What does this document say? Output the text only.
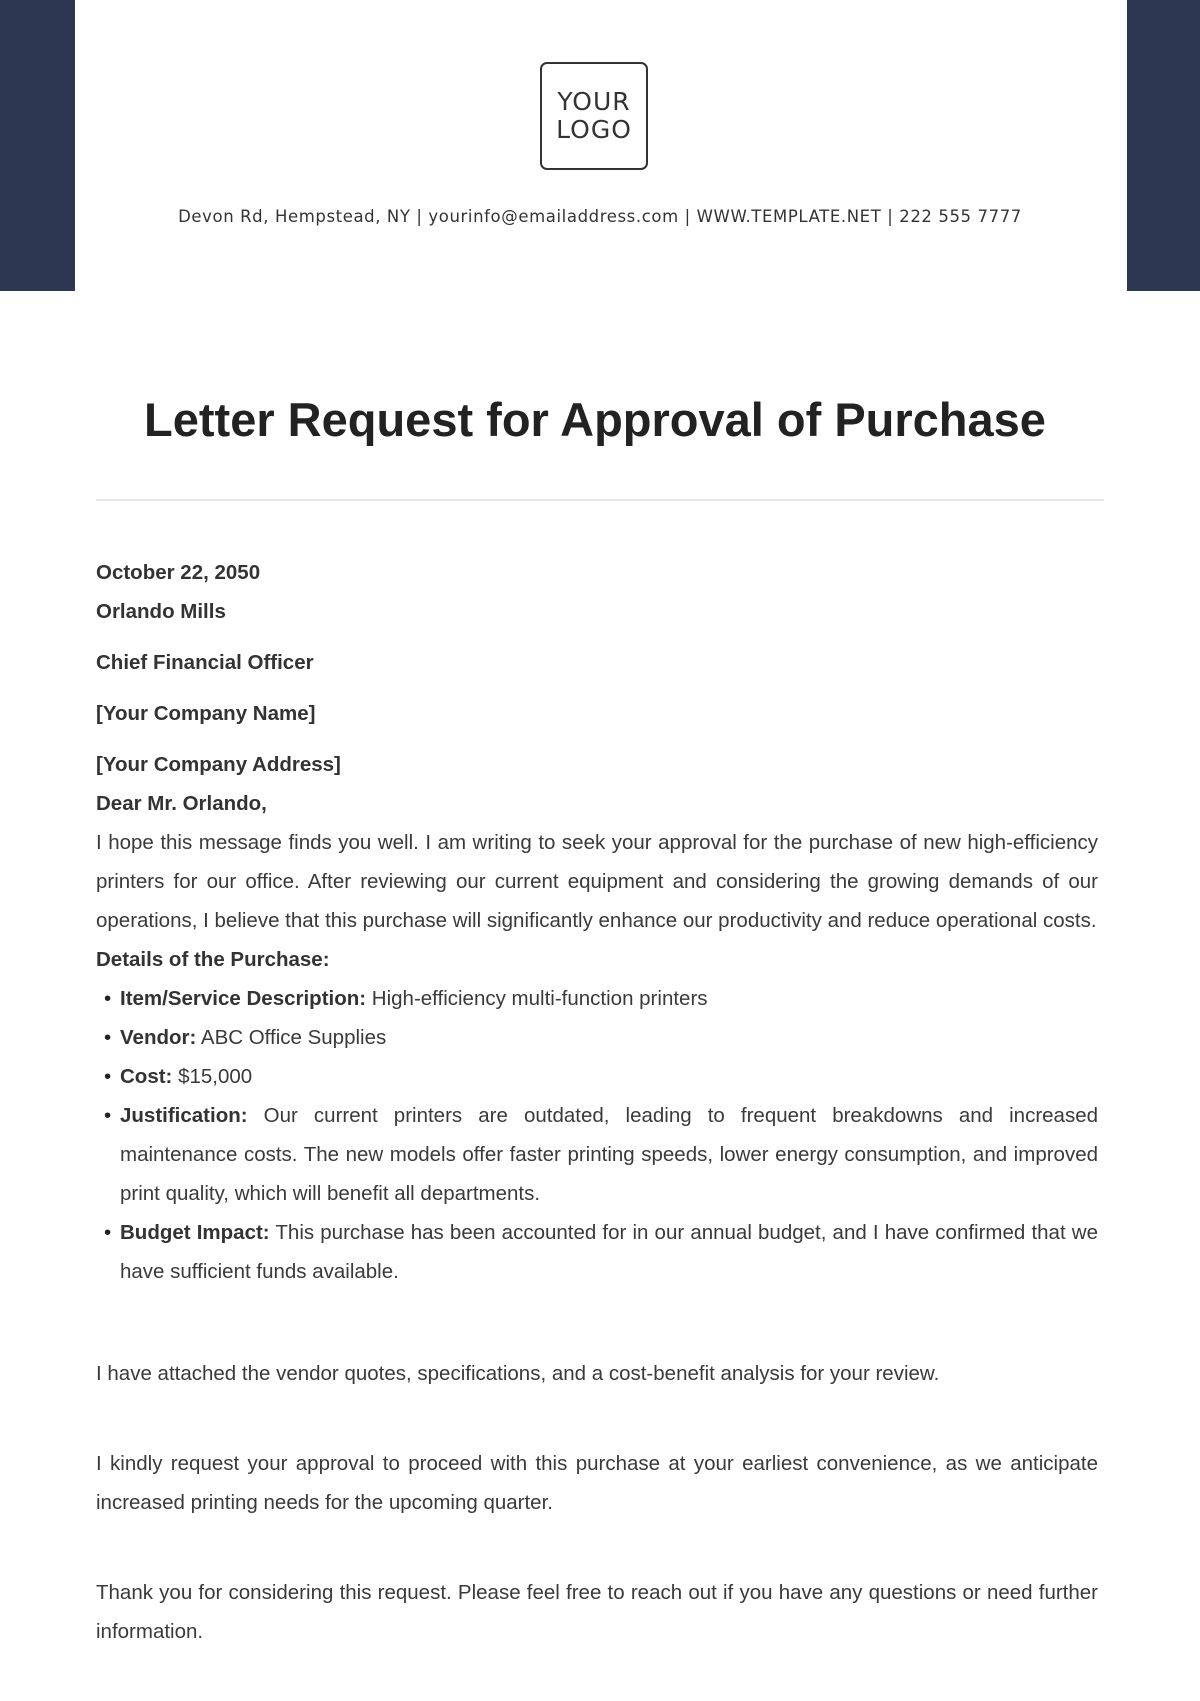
YOUR
LOGO
Devon Rd, Hempstead, NY | yourinfo@emailaddress.com | WWW.TEMPLATE.NET | 222 555 7777
Letter Request for Approval of Purchase
October 22, 2050
Orlando Mills
Chief Financial Officer
[Your Company Name]
[Your Company Address]
Dear Mr. Orlando,

I hope this message finds you well. I am writing to seek your approval for the purchase of new high-efficiency printers for our office. After reviewing our current equipment and considering the growing demands of our operations, I believe that this purchase will significantly enhance our productivity and reduce operational costs.

Details of the Purchase:
• Item/Service Description: High-efficiency multi-function printers
• Vendor: ABC Office Supplies
• Cost: $15,000
• Justification: Our current printers are outdated, leading to frequent breakdowns and increased maintenance costs. The new models offer faster printing speeds, lower energy consumption, and improved print quality, which will benefit all departments.
• Budget Impact: This purchase has been accounted for in our annual budget, and I have confirmed that we have sufficient funds available.

I have attached the vendor quotes, specifications, and a cost-benefit analysis for your review.

I kindly request your approval to proceed with this purchase at your earliest convenience, as we anticipate increased printing needs for the upcoming quarter.

Thank you for considering this request. Please feel free to reach out if you have any questions or need further information.
